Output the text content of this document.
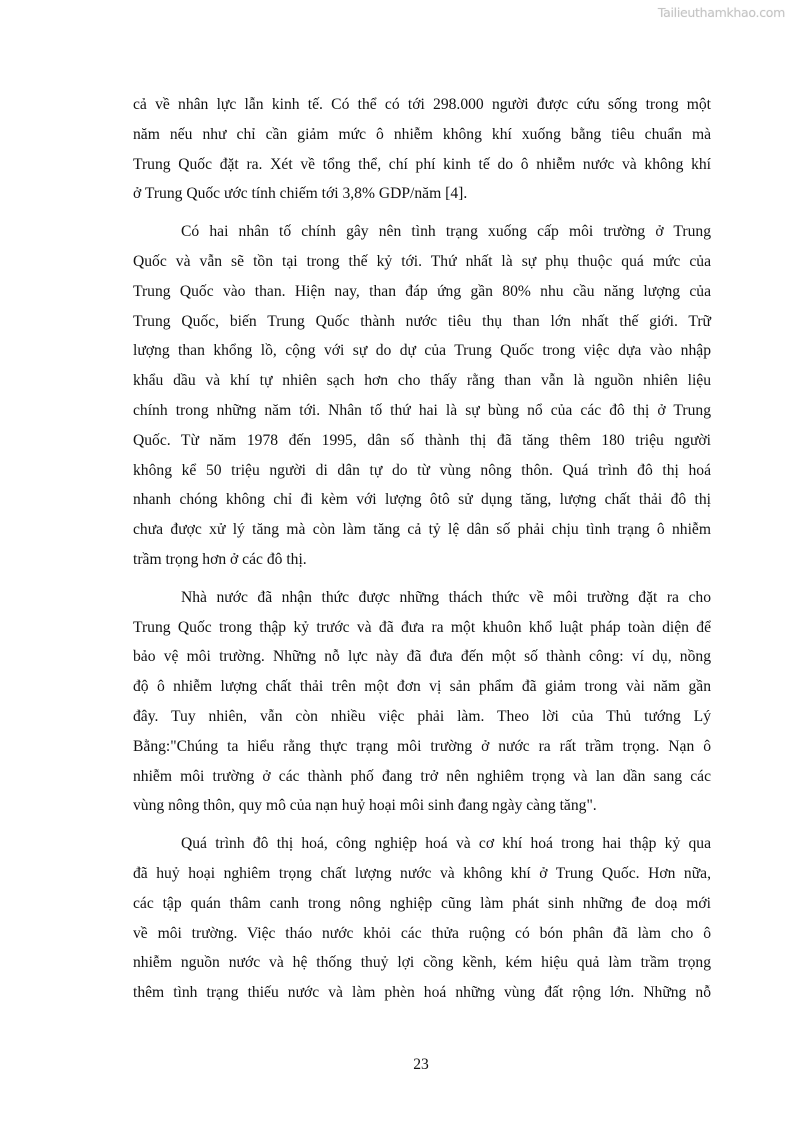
Tailieuthamkhao.com
cả về nhân lực lẫn kinh tế. Có thể có tới 298.000 người được cứu sống trong một
năm nếu như chỉ cần giảm mức ô nhiễm không khí xuống bằng tiêu chuẩn mà
Trung Quốc đặt ra. Xét về tổng thể, chí phí kinh tế do ô nhiễm nước và không khí
ở Trung Quốc ước tính chiếm tới 3,8% GDP/năm [4].
Có hai nhân tố chính gây nên tình trạng xuống cấp môi trường ở Trung
Quốc và vẫn sẽ tồn tại trong thế kỷ tới. Thứ nhất là sự phụ thuộc quá mức của
Trung Quốc vào than. Hiện nay, than đáp ứng gần 80% nhu cầu năng lượng của
Trung Quốc, biến Trung Quốc thành nước tiêu thụ than lớn nhất thế giới. Trữ
lượng than khổng lồ, cộng với sự do dự của Trung Quốc trong việc dựa vào nhập
khẩu dầu và khí tự nhiên sạch hơn cho thấy rằng than vẫn là nguồn nhiên liệu
chính trong những năm tới. Nhân tố thứ hai là sự bùng nổ của các đô thị ở Trung
Quốc. Từ năm 1978 đến 1995, dân số thành thị đã tăng thêm 180 triệu người
không kể 50 triệu người di dân tự do từ vùng nông thôn. Quá trình đô thị hoá
nhanh chóng không chỉ đi kèm với lượng ôtô sử dụng tăng, lượng chất thải đô thị
chưa được xử lý tăng mà còn làm tăng cả tỷ lệ dân số phải chịu tình trạng ô nhiễm
trầm trọng hơn ở các đô thị.
Nhà nước đã nhận thức được những thách thức về môi trường đặt ra cho
Trung Quốc trong thập kỷ trước và đã đưa ra một khuôn khổ luật pháp toàn diện để
bảo vệ môi trường. Những nỗ lực này đã đưa đến một số thành công: ví dụ, nồng
độ ô nhiễm lượng chất thải trên một đơn vị sản phẩm đã giảm trong vài năm gần
đây. Tuy nhiên, vẫn còn nhiều việc phải làm. Theo lời của Thủ tướng Lý
Bằng:"Chúng ta hiểu rằng thực trạng môi trường ở nước ra rất trầm trọng. Nạn ô
nhiễm môi trường ở các thành phố đang trở nên nghiêm trọng và lan dần sang các
vùng nông thôn, quy mô của nạn huỷ hoại môi sinh đang ngày càng tăng".
Quá trình đô thị hoá, công nghiệp hoá và cơ khí hoá trong hai thập kỷ qua
đã huỷ hoại nghiêm trọng chất lượng nước và không khí ở Trung Quốc. Hơn nữa,
các tập quán thâm canh trong nông nghiệp cũng làm phát sinh những đe doạ mới
về môi trường. Việc tháo nước khỏi các thửa ruộng có bón phân đã làm cho ô
nhiễm nguồn nước và hệ thống thuỷ lợi cồng kềnh, kém hiệu quả làm trầm trọng
thêm tình trạng thiếu nước và làm phèn hoá những vùng đất rộng lớn. Những nỗ
23
